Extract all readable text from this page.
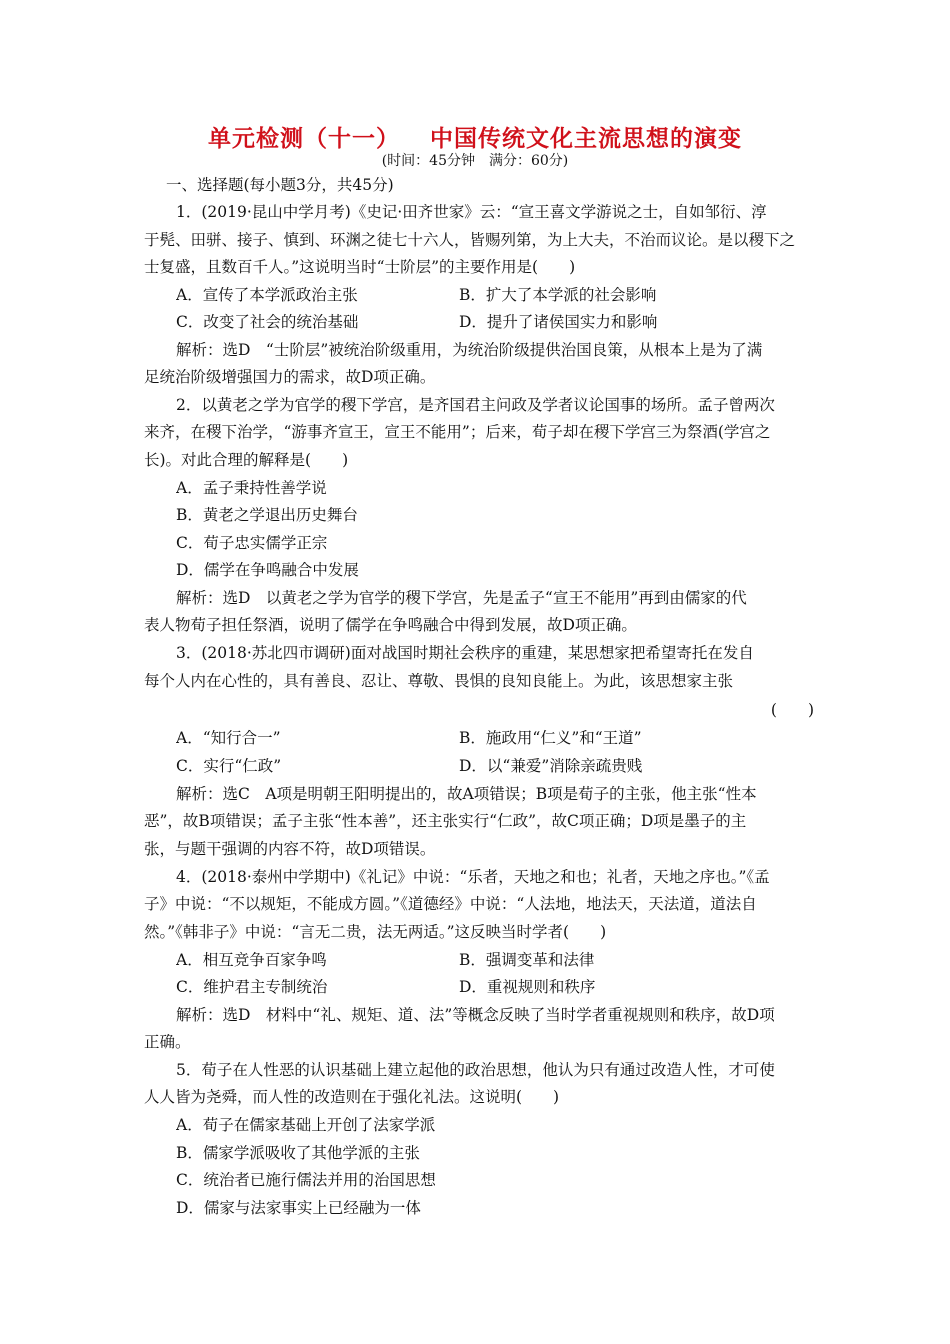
单元检测（十一） 中国传统文化主流思想的演变
(时间：45分钟　满分：60分)
一、选择题(每小题3分，共45分)
1．(2019·昆山中学月考)《史记·田齐世家》云：“宣王喜文学游说之士，自如邹衍、淳
于髡、田骈、接子、慎到、环渊之徒七十六人，皆赐列第，为上大夫，不治而议论。是以稷下之
士复盛，且数百千人。”这说明当时“士阶层”的主要作用是(　　)
A．宣传了本学派政治主张	B．扩大了本学派的社会影响
C．改变了社会的统治基础	D．提升了诸侯国实力和影响
解析：选D　“士阶层”被统治阶级重用，为统治阶级提供治国良策，从根本上是为了满
足统治阶级增强国力的需求，故D项正确。
2．以黄老之学为官学的稷下学宫，是齐国君主问政及学者议论国事的场所。孟子曾两次
来齐，在稷下治学，“游事齐宣王，宣王不能用”；后来，荀子却在稷下学宫三为祭酒(学宫之
长)。对此合理的解释是(　　)
A．孟子秉持性善学说
B．黄老之学退出历史舞台
C．荀子忠实儒学正宗
D．儒学在争鸣融合中发展
解析：选D　以黄老之学为官学的稷下学宫，先是孟子“宣王不能用”再到由儒家的代
表人物荀子担任祭酒，说明了儒学在争鸣融合中得到发展，故D项正确。
3．(2018·苏北四市调研)面对战国时期社会秩序的重建，某思想家把希望寄托在发自
每个人内在心性的，具有善良、忍让、尊敬、畏惧的良知良能上。为此，该思想家主张
(　　)
A．“知行合一”	B．施政用“仁义”和“王道”
C．实行“仁政”	D．以“兼爱”消除亲疏贵贱
解析：选C　A项是明朝王阳明提出的，故A项错误；B项是荀子的主张，他主张“性本
恶”，故B项错误；孟子主张“性本善”，还主张实行“仁政”，故C项正确；D项是墨子的主
张，与题干强调的内容不符，故D项错误。
4．(2018·泰州中学期中)《礼记》中说：“乐者，天地之和也；礼者，天地之序也。”《孟
子》中说：“不以规矩，不能成方圆。”《道德经》中说：“人法地，地法天，天法道，道法自
然。”《韩非子》中说：“言无二贵，法无两适。”这反映当时学者(　　)
A．相互竞争百家争鸣	B．强调变革和法律
C．维护君主专制统治	D．重视规则和秩序
解析：选D　材料中“礼、规矩、道、法”等概念反映了当时学者重视规则和秩序，故D项
正确。
5．荀子在人性恶的认识基础上建立起他的政治思想，他认为只有通过改造人性，才可使
人人皆为尧舜，而人性的改造则在于强化礼法。这说明(　　)
A．荀子在儒家基础上开创了法家学派
B．儒家学派吸收了其他学派的主张
C．统治者已施行儒法并用的治国思想
D．儒家与法家事实上已经融为一体
